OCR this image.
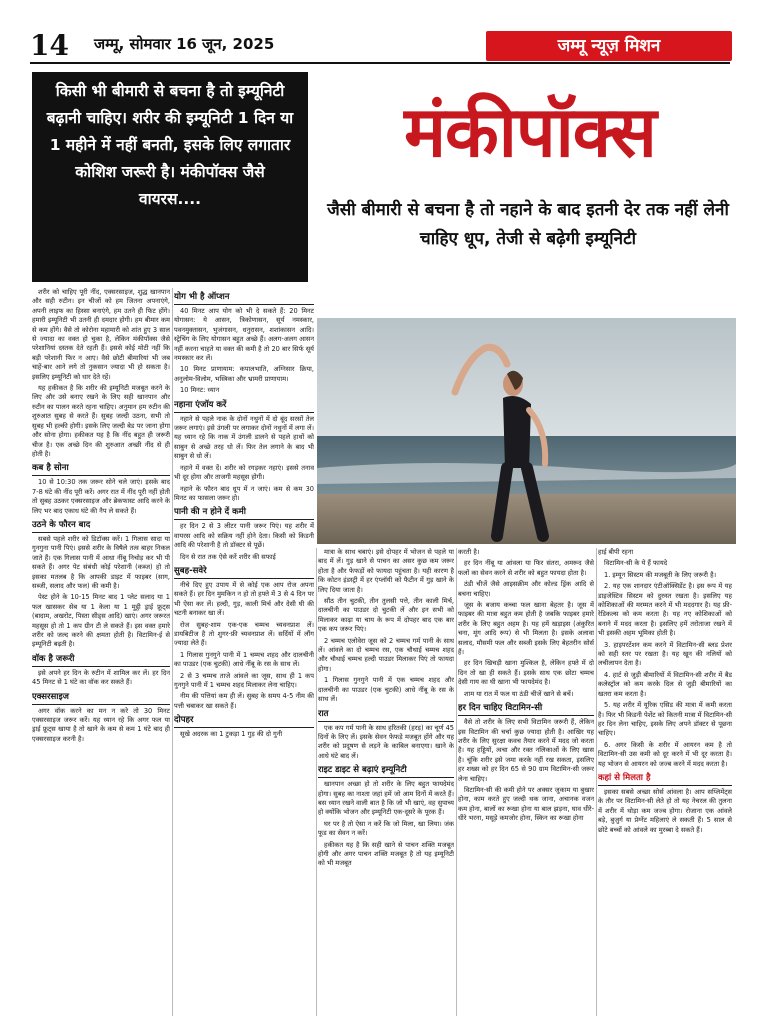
14 जम्मू, सोमवार 16 जून, 2025	जम्मू न्यूज़ मिशन
किसी भी बीमारी से बचना है तो इम्यूनिटी बढ़ानी चाहिए। शरीर की इम्यूनिटी 1 दिन या 1 महीने में नहीं बनती, इसके लिए लगातार कोशिश जरूरी है। मंकीपॉक्स जैसे वायरस....
मंकीपॉक्स
जैसी बीमारी से बचना है तो नहाने के बाद इतनी देर तक नहीं लेनी चाहिए धूप, तेजी से बढ़ेगी इम्यूनिटी

शरीर को चाहिए पूरी नींद, एक्सरसाइज, शुद्ध खानपान और सही रुटीन। इन चीजों को हम जितना अपनाएंगे, अपनी लाइफ का हिस्सा बनाएंगे, हम उतने ही फिट होंगे। हमारी इम्यूनिटी भी उतनी ही दमदार होगी। हम बीमार कम से कम होंगे। वैसे तो कोरोना महामारी को शांत हुए 3 साल से ज्यादा का वक्त हो चुका है, लेकिन मंकीपॉक्स जैसे परेशानियां दस्तक देते रहती हैं। इससे कोई मोटी नहीं कि बड़ी परेशानी फिर न आए। वैसे छोटी बीमारियां भी जब चाहें-बार आने लगे तो नुकसान ज्यादा भी हो सकता है। इसलिए इम्यूनिटी को धार देते रहें।

यह हकीकत है कि शरीर की इम्यूनिटी मजबूत करने के लिए और उसे बनाए रखने के लिए सही खानपान और रुटीन का पालन करते रहना चाहिए। अनुमान हम रुटीन की शुरुआत सुबह से करते हैं। सुबह जल्दी उठना, सभी तो सुबह भी हल्की होगी। इसके लिए जल्दी बेड पर जाना होगा और सोना होगा। हकीकत यह है कि नींद बहुत ही जरूरी चीज है। एक अच्छे दिन की शुरुआत अच्छी नींद से ही होती है।

कब है सोना

10 से 10:30 तक जरूर सोने चले जाएं। इसके बाद 7-8 घंटे की नींद पूरी करें। अगर रात में नींद पूरी नहीं होती तो सुबह उठकर एक्सरसाइज और ब्रेकफास्ट आदि करने के लिए भर बाद एकाध घंटे की नैप ले सकते हैं।

उठने के फौरन बाद

सबसे पहले शरीर को डिटॉक्स करें। 1 गिलास सादा या गुनगुना पानी पिएं। इससे शरीर के विषैले तत्व बाहर निकल जाते हैं। एक गिलास पानी में आधा नींबू निचोड़ कर भी पी सकते हैं। अगर पेट संबंधी कोई परेशानी (कब्ज) हो तो इसका मतलब है कि आपकी डाइट में फाइबर (साग, सब्जी, सलाद और फल) की कमी है।

पेस्ट होने के 10-15 मिनट बाद 1 प्लेट सलाद या 1 फल खासकर सेब या 1 केला या 1 मुट्ठी ड्राई फ्रूट्स (बादाम, अखरोट, पिस्ता सीड्स आदि) खाएं। अगर जरूरत महसूस हो तो 1 कप ग्रीन टी ले सकते हैं। इस वक्त हमारे शरीर को जल्द करने की क्षमता होती है। विटामिन-ई से इम्यूनिटी बढ़ती है।

वॉक है जरूरी

इसे अपने हर दिन के रुटीन में शामिल कर लें। हर दिन 45 मिनट से 1 घंटे का वॉक कर सकते हैं।

एक्सरसाइज

अगर वॉक करने का मन न करे तो 30 मिनट एक्सरसाइज जरूर करें। यह ध्यान रहे कि अगर फल या ड्राई फ्रूट्स खाया है तो खाने के कम से कम 1 घंटे बाद ही एक्सरसाइज करनी है।

योग भी है ऑप्शन

40 मिनट आप योग को भी दे सकते हैं: 20 मिनट योगासन: ये आसन, त्रिकोणासन, सूर्य नमस्कार, पवनमुक्तासन, भुजंगासन, धनुरासन, शशांकासन आदि। स्ट्रेचिंग के लिए योगासन बहुत अच्छे हैं। अलग-अलग आसन नहीं करना चाहते या वक्त की कमी है तो 20 बार सिर्फ सूर्य नमस्कार कर लें।

10 मिनट प्राणायाम: कपालभाति, अग्निसार क्रिया, अनुलोम-विलोम, भस्त्रिका और भ्रामरी प्राणायाम।

10 मिनट: ध्यान

नहाना एंजॉय करें

नहाने से पहले नाक के दोनों नथुनों में दो बूंद सरसों तेल जरूर लगाएं। इसे उंगली पर लगाकर दोनों नथुनों में लगा लें। यह ध्यान रहे कि नाक में उंगली डालने से पहले हाथों को साबुन से अच्छे तरह धो लें। फिर तेल लगाने के बाद भी साबुन से धो लें।

नहाने में वक्त दें। शरीर को रगड़कर नहाएं। इससे तनाव भी दूर होगा और ताजगी महसूस होगी।

नहाने के फौरन बाद धूप में न जाएं। कम से कम 30 मिनट का फासला जरूर हो।

पानी की न होने दें कमी

हर दिन 2 से 3 लीटर पानी जरूर पिएं। यह शरीर में वायरस आदि को सक्रिय नहीं होने देता। किसी को किडनी आदि की परेशानी है तो डॉक्टर से पूछें।

दिन से रात तक ऐसे करें शरीर की सफाई

सुबह-सवेरे

नीचे दिए हुए उपाय में से कोई एक आप रोज अपना सकते हैं। हर दिन मुमकिन न हो तो हफ्ते में 3 से 4 दिन पर भी ऐसा कर लें। हल्दी, गुड़, काली मिर्च और देसी घी की चटनी बनाकर खा लें।

रोज सुबह-शाम एक-एक चम्मच च्यवनप्राश लें। डायबिटीज है तो शुगर-फ्री च्यवनप्राश लें। सर्दियों में लौंग ज्यादा लेते हैं।

1 गिलास गुनगुने पानी में 1 चम्मच शहद और दालचीनी का पाउडर (एक चुटकी) आधे नींबू के रस के साथ लें।

2 से 3 चम्मच ताजे आंवले का जूस, साथ ही 1 कप गुनगुने पानी में 1 चम्मच शहद मिलाकर लेना चाहिए।

नीम की पत्तियां कम ही लें। सुबह के समय 4-5 नीम की पत्ती चबाकर खा सकते हैं।

दोपहर

सूखे अदरक का 1 टुकड़ा 1 गुड़ की दो गुनी

मात्रा के साथ चबाएं। इसे दोपहर में भोजन से पहले या बाद में लें। गुड़ खाने से पाचन का असर कुछ कम जरूर होता है और फेफड़ों को फायदा पहुंचता है। यही कारण है कि कोटन इंडस्ट्री में हर एंप्लॉयी को फैटीन में गुड़ खाने के लिए दिया जाता है।

सौंठ तीन चुटकी, तीन तुलसी पत्ते, तीन काली मिर्च, दालचीनी का पाउडर दो चुटकी लें और इन सभी को मिलाकर काढ़ा या चाय के रूप में दोपहर बाद एक बार एक कप जरूर पिएं।

2 चम्मच एलोवेरा जूस को 2 चम्मच गर्म पानी के साथ लें। आंवले का दो चम्मच रस, एक चौथाई चम्मच शहद और चौथाई चम्मच हल्दी पाउडर मिलाकर पिएं तो फायदा होगा।

1 गिलास गुनगुने पानी में एक चम्मच शहद और दालचीनी का पाउडर (एक चुटकी) आधे नींबू के रस के साथ लें।

रात

एक कप गर्म पानी के साथ हरितकी (हरड़) का चूर्ण 45 दिनों के लिए लें। इसके सेवन फेफड़े मजबूत होंगे और यह शरीर को प्रदूषण से लड़ने के काबिल बनाएगा। खाने के आधे घंटे बाद लें।

राइट डाइट से बढ़ाएं इम्यूनिटी

खानपान अच्छा हो तो शरीर के लिए बहुत फायदेमंद होगा। सुबह का नाश्ता जहां हमें जो आम दिनों में करते हैं। बस ध्यान रखने वाली बात है कि जो भी खाएं, वह सुपाच्य हो क्योंकि भोजन और इम्यूनिटी एक-दूसरे के पूरक हैं।

घर पर है तो ऐसा न करें कि जो मिला, खा लिया। जंक फूड का सेवन न करें।

हकीकत यह है कि सही खाने से पाचन शक्ति मजबूत होगी और अगर पाचन शक्ति मजबूत है तो यह इम्यूनिटी को भी मजबूत

करती है।

हर दिन नींबू या आंवला या फिर संतरा, अमरूद जैसे फलों का सेवन करने से शरीर को बहुत फायदा होता है।

ठंडी चीजें जैसे आइसक्रीम और कोल्ड ड्रिंक आदि से बचना चाहिए।

जूस के बजाय कच्चा फल खाना बेहतर है। जूस में फाइबर की मात्रा बहुत कम होती है जबकि फाइबर हमारे शरीर के लिए बहुत अहम है। यह हमें खड़ाइस (अंकुरित चना, मूंग आदि रूप) से भी मिलता है। इसके अलावा सलाद, मौसमी फल और सब्जी इसके लिए बेहतरीन सोर्स हैं।

हर दिन खिचड़ी खाना मुश्किल है, लेकिन हफ्ते में दो दिन तो खा ही सकते हैं। इसके साथ एक छोटा चम्मच देसी गाय का घी खाना भी फायदेमंद है।

शाम या रात में फल या ठंडी चीजें खाने से बचें।

हर दिन चाहिए विटामिन-सी

वैसे तो शरीर के लिए सभी विटामिन जरूरी हैं, लेकिन इस विटामिन की चर्चा कुछ ज्यादा होती है। आखिर यह शरीर के लिए सुरक्षा कवच तैयार करने में मदद जो करता है। यह हड्डियों, त्वचा और रक्त नलिकाओं के लिए खास है। चूंकि शरीर इसे जमा करके नहीं रख सकता, इसलिए हर शख्स को हर दिन 65 से 90 ग्राम विटामिन-सी जरूर लेना चाहिए।

विटामिन-सी की कमी होने पर अक्सर जुकाम या बुखार होना, काम करते हुए जल्दी थक जाना, अचानक वजन कम होना, बालों का रूखा होना या बाल झड़ना, घाव धीरे-धीरे भरना, मसूड़े कमजोर होना, स्किन का रूखा होना

हाई बीपी रहना

विटामिन-सी के ये हैं फायदे

1. इम्यून सिस्टम की मजबूती के लिए जरूरी है।

2. यह एक शानदार एंटीऑक्सिडेंट है। इस रूप में यह डाइजेस्टिव सिस्टम को दुरुस्त रखता है। इसलिए यह कोशिकाओं की मरम्मत करने में भी मददगार है। यह फ्री-रेडिकल्स को कम करता है। यह नए कोशिकाओं को बनाने में मदद करता है। इसलिए हमें तरोताजा रखने में भी इसकी अहम भूमिका होती है।

3. हाइपरटेंशन कम करने में विटामिन-सी ब्लड प्रेशर को सही स्तर पर रखता है। यह खून की नलियों को लचीलापन देता है।

4. हार्ट से जुड़ी बीमारियों में विटामिन-सी शरीर में बैड कलेस्ट्रॉल को कम करके दिल से जुड़ी बीमारियों का खतरा कम करता है।

5. यह शरीर में यूरिक एसिड की मात्रा में कमी करता है। फिर भी किडनी पेशेंट को कितनी मात्रा में विटामिन-सी हर दिन लेना चाहिए, इसके लिए अपने डॉक्टर से पूछना चाहिए।

6. अगर किसी के शरीर में आयरन कम है तो विटामिन-सी उस कमी को दूर करने में भी दूर करता है। यह भोजन से आयरन को जज्ब करने में मदद करता है।

कहां से मिलता है

इसका सबसे अच्छा सोर्स आंवला है। आप सप्लिमेंट्स के तौर पर विटामिन-सी लेते हो तो यह नेचरल की तुलना में शरीर में थोड़ा कम जज्ब होगा। रोजाना एक आंवले बड़े, बुजुर्ग या प्रेग्नेंट महिलाएं ले सकती हैं। 5 साल से छोटे बच्चों को आंवले का मुरब्बा दे सकते हैं।
